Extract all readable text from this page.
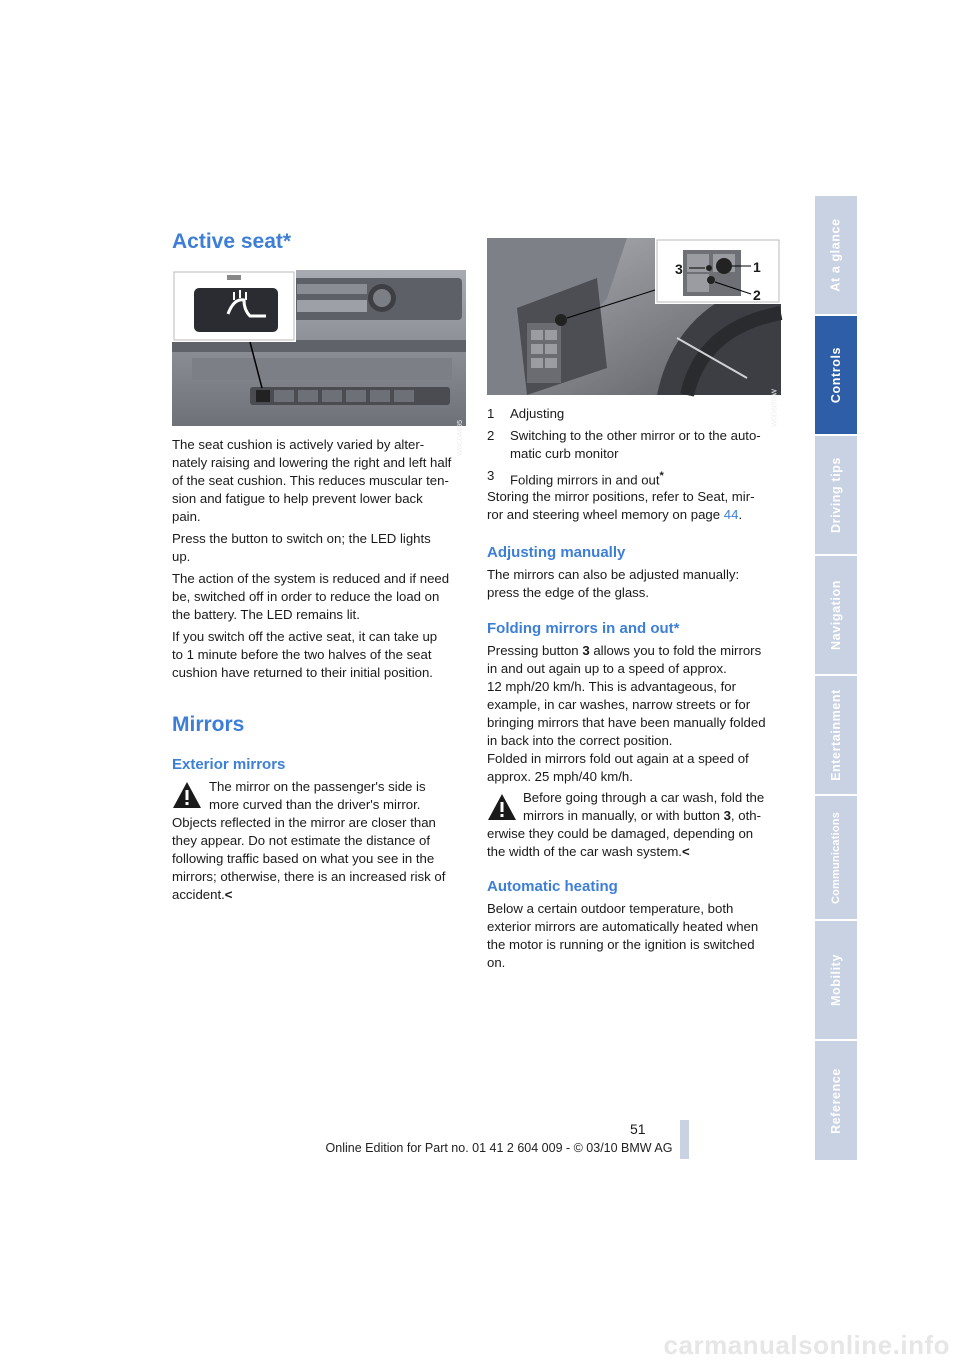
At a glance
Controls
Driving tips
Navigation
Entertainment
Communications
Mobility
Reference
Active seat*
W0C0A095

The seat cushion is actively varied by alter-
nately raising and lowering the right and left half
of the seat cushion. This reduces muscular ten-
sion and fatigue to help prevent lower back
pain.

Press the button to switch on; the LED lights
up.

The action of the system is reduced and if need
be, switched off in order to reduce the load on
the battery. The LED remains lit.

If you switch off the active seat, it can take up
to 1 minute before the two halves of the seat
cushion have returned to their initial position.

Mirrors
Exterior mirrors

The mirror on the passenger's side is
more curved than the driver's mirror.

Objects reflected in the mirror are closer than
they appear. Do not estimate the distance of
following traffic based on what you see in the
mirrors; otherwise, there is an increased risk of
accident.<

1
2
3
W0D8058W
1	Adjusting
2	Switching to the other mirror or to the auto-
matic curb monitor
3	Folding mirrors in and out*

Storing the mirror positions, refer to Seat, mir-
ror and steering wheel memory on page 44.

Adjusting manually

The mirrors can also be adjusted manually:
press the edge of the glass.

Folding mirrors in and out*

Pressing button 3 allows you to fold the mirrors
in and out again up to a speed of approx.
12 mph/20 km/h. This is advantageous, for
example, in car washes, narrow streets or for
bringing mirrors that have been manually folded
in back into the correct position.
Folded in mirrors fold out again at a speed of
approx. 25 mph/40 km/h.

Before going through a car wash, fold the
mirrors in manually, or with button 3, oth-

erwise they could be damaged, depending on
the width of the car wash system.<

Automatic heating

Below a certain outdoor temperature, both
exterior mirrors are automatically heated when
the motor is running or the ignition is switched
on.

51
Online Edition for Part no. 01 41 2 604 009 - © 03/10 BMW AG
carmanualsonline.info
